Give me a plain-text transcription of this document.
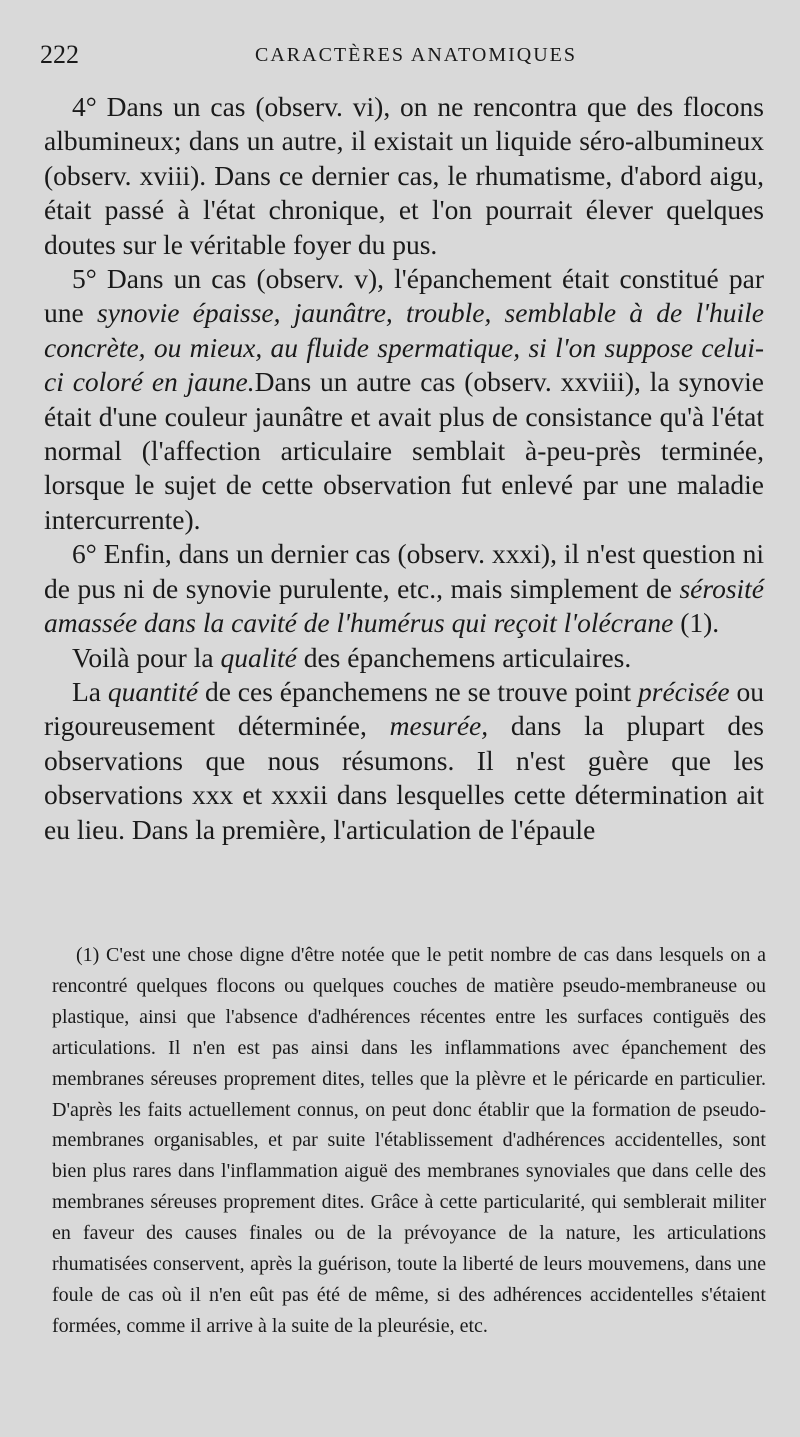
222	CARACTÈRES ANATOMIQUES

4° Dans un cas (observ. vi), on ne rencontra que des flocons albumineux; dans un autre, il existait un liquide séro-albumineux (observ. xviii). Dans ce dernier cas, le rhumatisme, d'abord aigu, était passé à l'état chronique, et l'on pourrait élever quelques doutes sur le véritable foyer du pus.

5° Dans un cas (observ. v), l'épanchement était constitué par une synovie épaisse, jaunâtre, trouble, semblable à de l'huile concrète, ou mieux, au fluide spermatique, si l'on suppose celui-ci coloré en jaune.Dans un autre cas (observ. xxviii), la synovie était d'une couleur jaunâtre et avait plus de consistance qu'à l'état normal (l'affection articulaire semblait à-peu-près terminée, lorsque le sujet de cette observation fut enlevé par une maladie intercurrente).

6° Enfin, dans un dernier cas (observ. xxxi), il n'est question ni de pus ni de synovie purulente, etc., mais simplement de sérosité amassée dans la cavité de l'humérus qui reçoit l'olécrane (1).

Voilà pour la qualité des épanchemens articulaires.

La quantité de ces épanchemens ne se trouve point précisée ou rigoureusement déterminée, mesurée, dans la plupart des observations que nous résumons. Il n'est guère que les observations xxx et xxxii dans lesquelles cette détermination ait eu lieu. Dans la première, l'articulation de l'épaule

(1) C'est une chose digne d'être notée que le petit nombre de cas dans lesquels on a rencontré quelques flocons ou quelques couches de matière pseudo-membraneuse ou plastique, ainsi que l'absence d'adhérences récentes entre les surfaces contiguës des articulations. Il n'en est pas ainsi dans les inflammations avec épanchement des membranes séreuses proprement dites, telles que la plèvre et le péricarde en particulier. D'après les faits actuellement connus, on peut donc établir que la formation de pseudo-membranes organisables, et par suite l'établissement d'adhérences accidentelles, sont bien plus rares dans l'inflammation aiguë des membranes synoviales que dans celle des membranes séreuses proprement dites. Grâce à cette particularité, qui semblerait militer en faveur des causes finales ou de la prévoyance de la nature, les articulations rhumatisées conservent, après la guérison, toute la liberté de leurs mouvemens, dans une foule de cas où il n'en eût pas été de même, si des adhérences accidentelles s'étaient formées, comme il arrive à la suite de la pleurésie, etc.
